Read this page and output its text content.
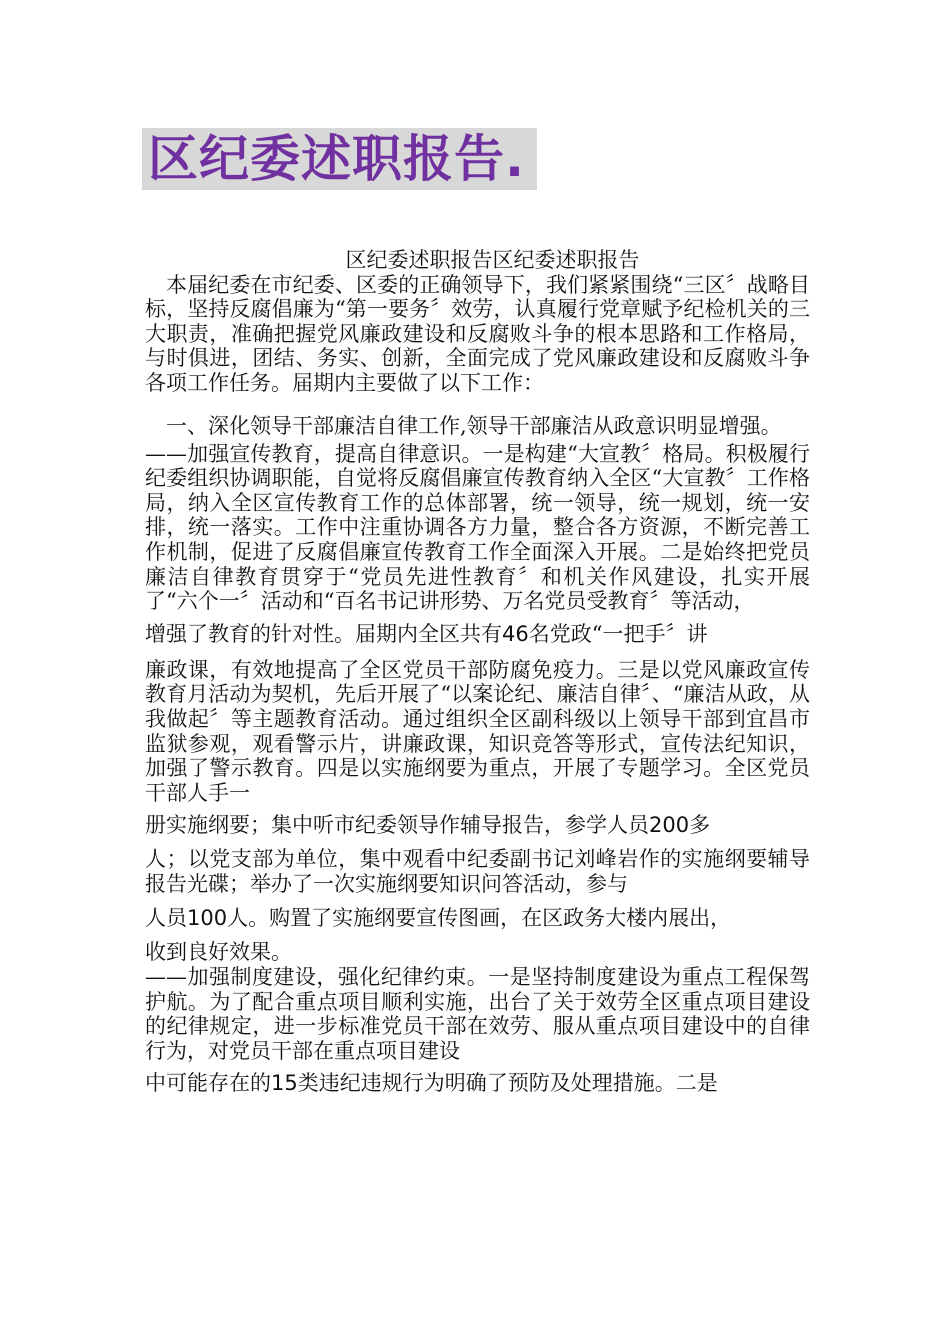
区纪委述职报告.

区纪委述职报告区纪委述职报告

本届纪委在市纪委、区委的正确领导下，我们紧紧围绕“三区〞战略目标，坚持反腐倡廉为“第一要务〞效劳，认真履行党章赋予纪检机关的三大职责，准确把握党风廉政建设和反腐败斗争的根本思路和工作格局，与时俱进，团结、务实、创新，全面完成了党风廉政建设和反腐败斗争各项工作任务。届期内主要做了以下工作：

一、深化领导干部廉洁自律工作,领导干部廉洁从政意识明显增强。

——加强宣传教育，提高自律意识。一是构建“大宣教〞格局。积极履行纪委组织协调职能，自觉将反腐倡廉宣传教育纳入全区“大宣教〞工作格局，纳入全区宣传教育工作的总体部署，统一领导，统一规划，统一安排，统一落实。工作中注重协调各方力量，整合各方资源，不断完善工作机制，促进了反腐倡廉宣传教育工作全面深入开展。二是始终把党员廉洁自律教育贯穿于“党员先进性教育〞和机关作风建设，扎实开展了“六个一〞活动和“百名书记讲形势、万名党员受教育〞等活动，

增强了教育的针对性。届期内全区共有46名党政“一把手〞讲

廉政课，有效地提高了全区党员干部防腐免疫力。三是以党风廉政宣传教育月活动为契机，先后开展了“以案论纪、廉洁自律〞、“廉洁从政，从我做起〞等主题教育活动。通过组织全区副科级以上领导干部到宜昌市监狱参观，观看警示片，讲廉政课，知识竞答等形式，宣传法纪知识，加强了警示教育。四是以实施纲要为重点，开展了专题学习。全区党员干部人手一

册实施纲要；集中听市纪委领导作辅导报告，参学人员200多

人；以党支部为单位，集中观看中纪委副书记刘峰岩作的实施纲要辅导报告光碟；举办了一次实施纲要知识问答活动，参与

人员100人。购置了实施纲要宣传图画，在区政务大楼内展出，

收到良好效果。

——加强制度建设，强化纪律约束。一是坚持制度建设为重点工程保驾护航。为了配合重点项目顺利实施，出台了关于效劳全区重点项目建设的纪律规定，进一步标准党员干部在效劳、服从重点项目建设中的自律行为，对党员干部在重点项目建设

中可能存在的15类违纪违规行为明确了预防及处理措施。二是
